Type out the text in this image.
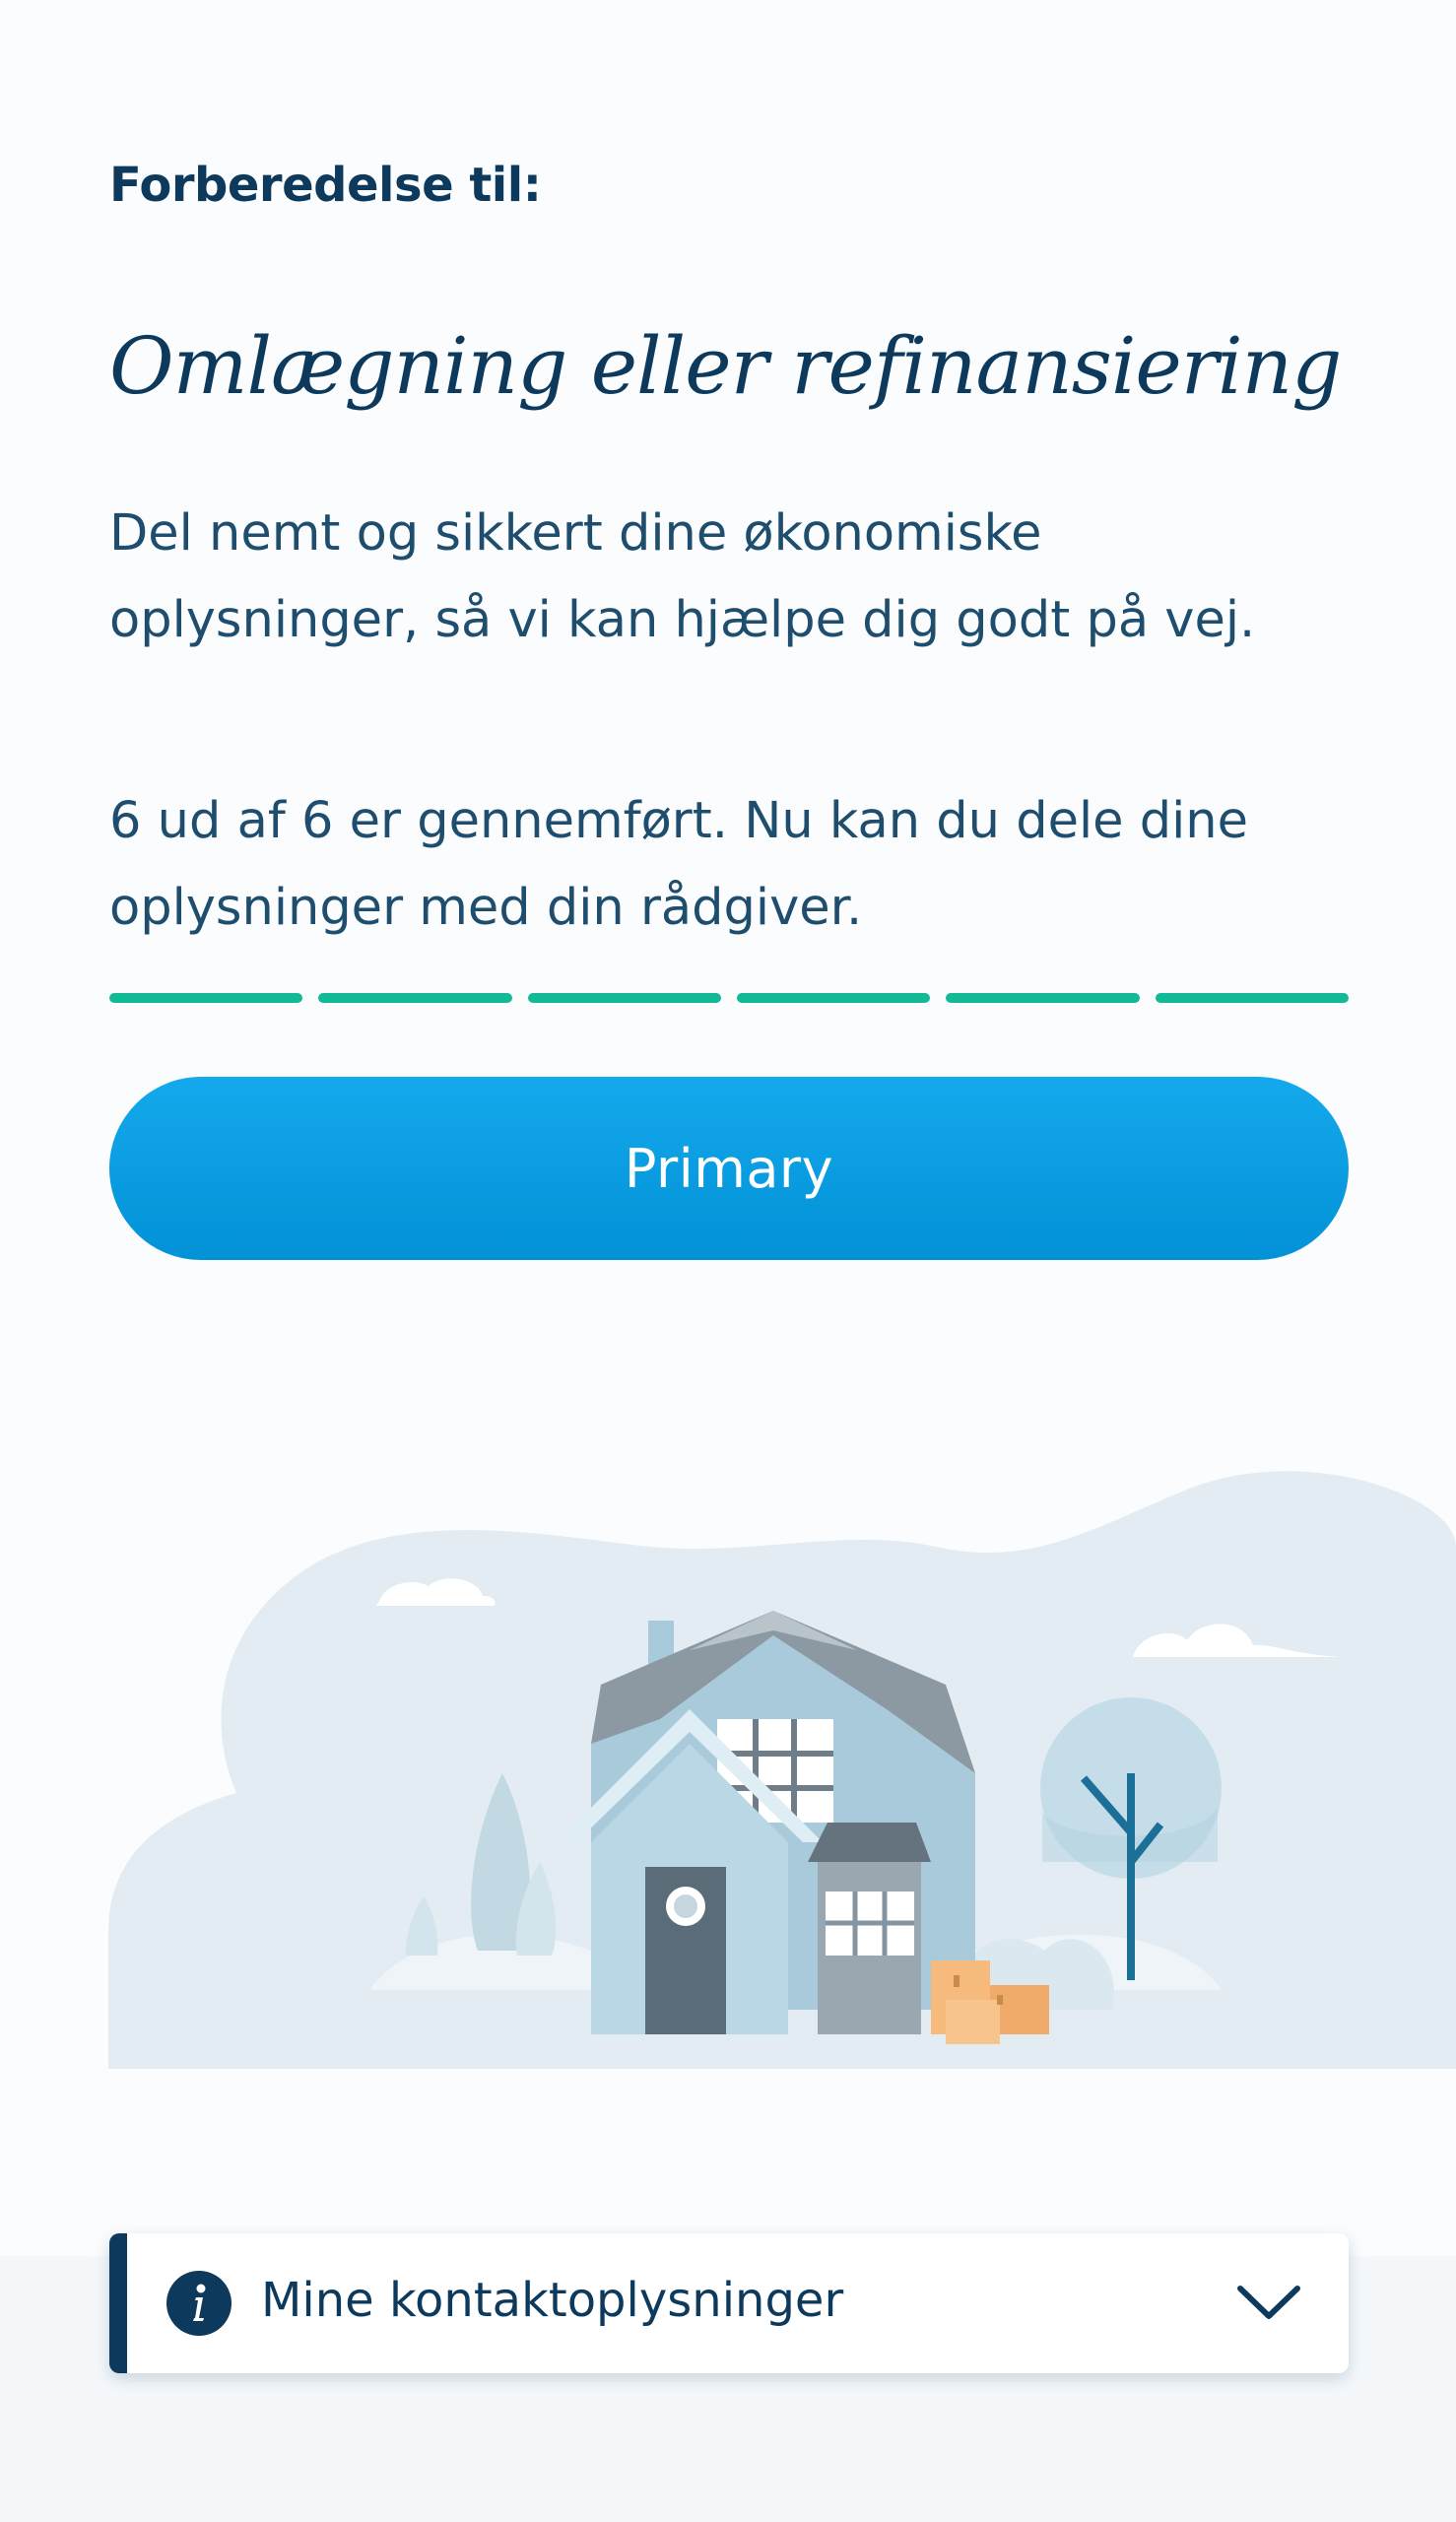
Forberedelse til:
Omlægning eller refinansiering
Del nemt og sikkert dine økonomiske oplysninger, så vi kan hjælpe dig godt på vej.
6 ud af 6 er gennemført. Nu kan du dele dine oplysninger med din rådgiver.
Primary
Mine kontaktoplysninger
